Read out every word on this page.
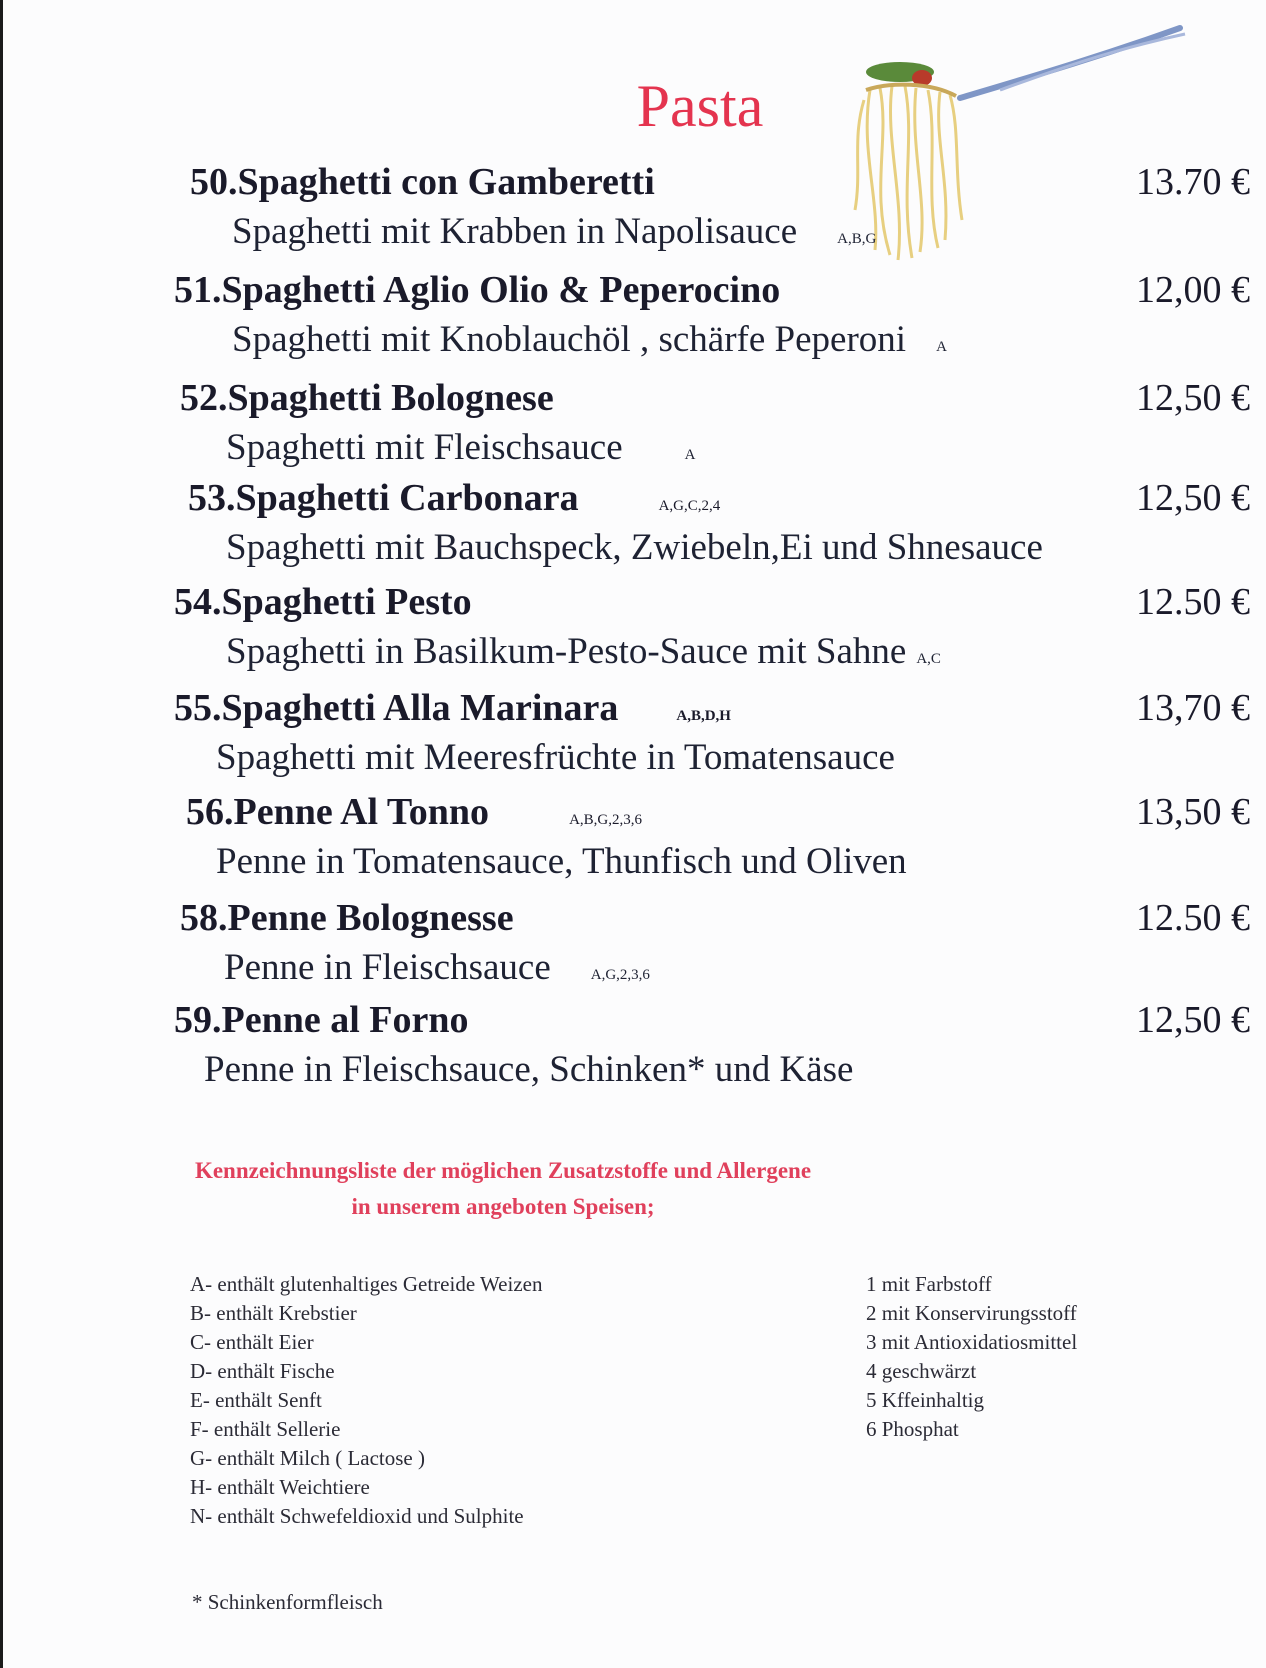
Pasta
50.Spaghetti con Gamberetti	13.70 €
Spaghetti mit Krabben in Napolisauce	A,B,G
51.Spaghetti Aglio Olio & Peperocino	12,00 €
Spaghetti mit Knoblauchöl , schärfe Peperoni A
52.Spaghetti Bolognese	12,50 €
Spaghetti mit Fleischsauce	A
53.Spaghetti Carbonara	A,G,C,2,4	12,50 €
Spaghetti mit Bauchspeck, Zwiebeln,Ei und Shnesauce
54.Spaghetti Pesto	12.50 €
Spaghetti in Basilkum-Pesto-Sauce mit Sahne A,C
55.Spaghetti Alla Marinara	A,B,D,H	13,70 €
Spaghetti mit Meeresfrüchte in Tomatensauce
56.Penne Al Tonno	A,B,G,2,3,6	13,50 €
Penne in Tomatensauce, Thunfisch und Oliven
58.Penne Bolognesse	12.50 €
Penne in Fleischsauce	A,G,2,3,6
59.Penne al Forno	12,50 €
Penne in Fleischsauce, Schinken* und Käse
Kennzeichnungsliste der möglichen Zusatzstoffe und Allergene
in unserem angeboten Speisen;
A- enthält glutenhaltiges Getreide Weizen
B- enthält Krebstier
C- enthält Eier
D- enthält Fische
E- enthält Senft
F- enthält Sellerie
G- enthält Milch ( Lactose )
H- enthält Weichtiere
N- enthält Schwefeldioxid und Sulphite
1 mit Farbstoff
2 mit Konservirungsstoff
3 mit Antioxidatiosmittel
4 geschwärzt
5 Kffeinhaltig
6 Phosphat
* Schinkenformfleisch
